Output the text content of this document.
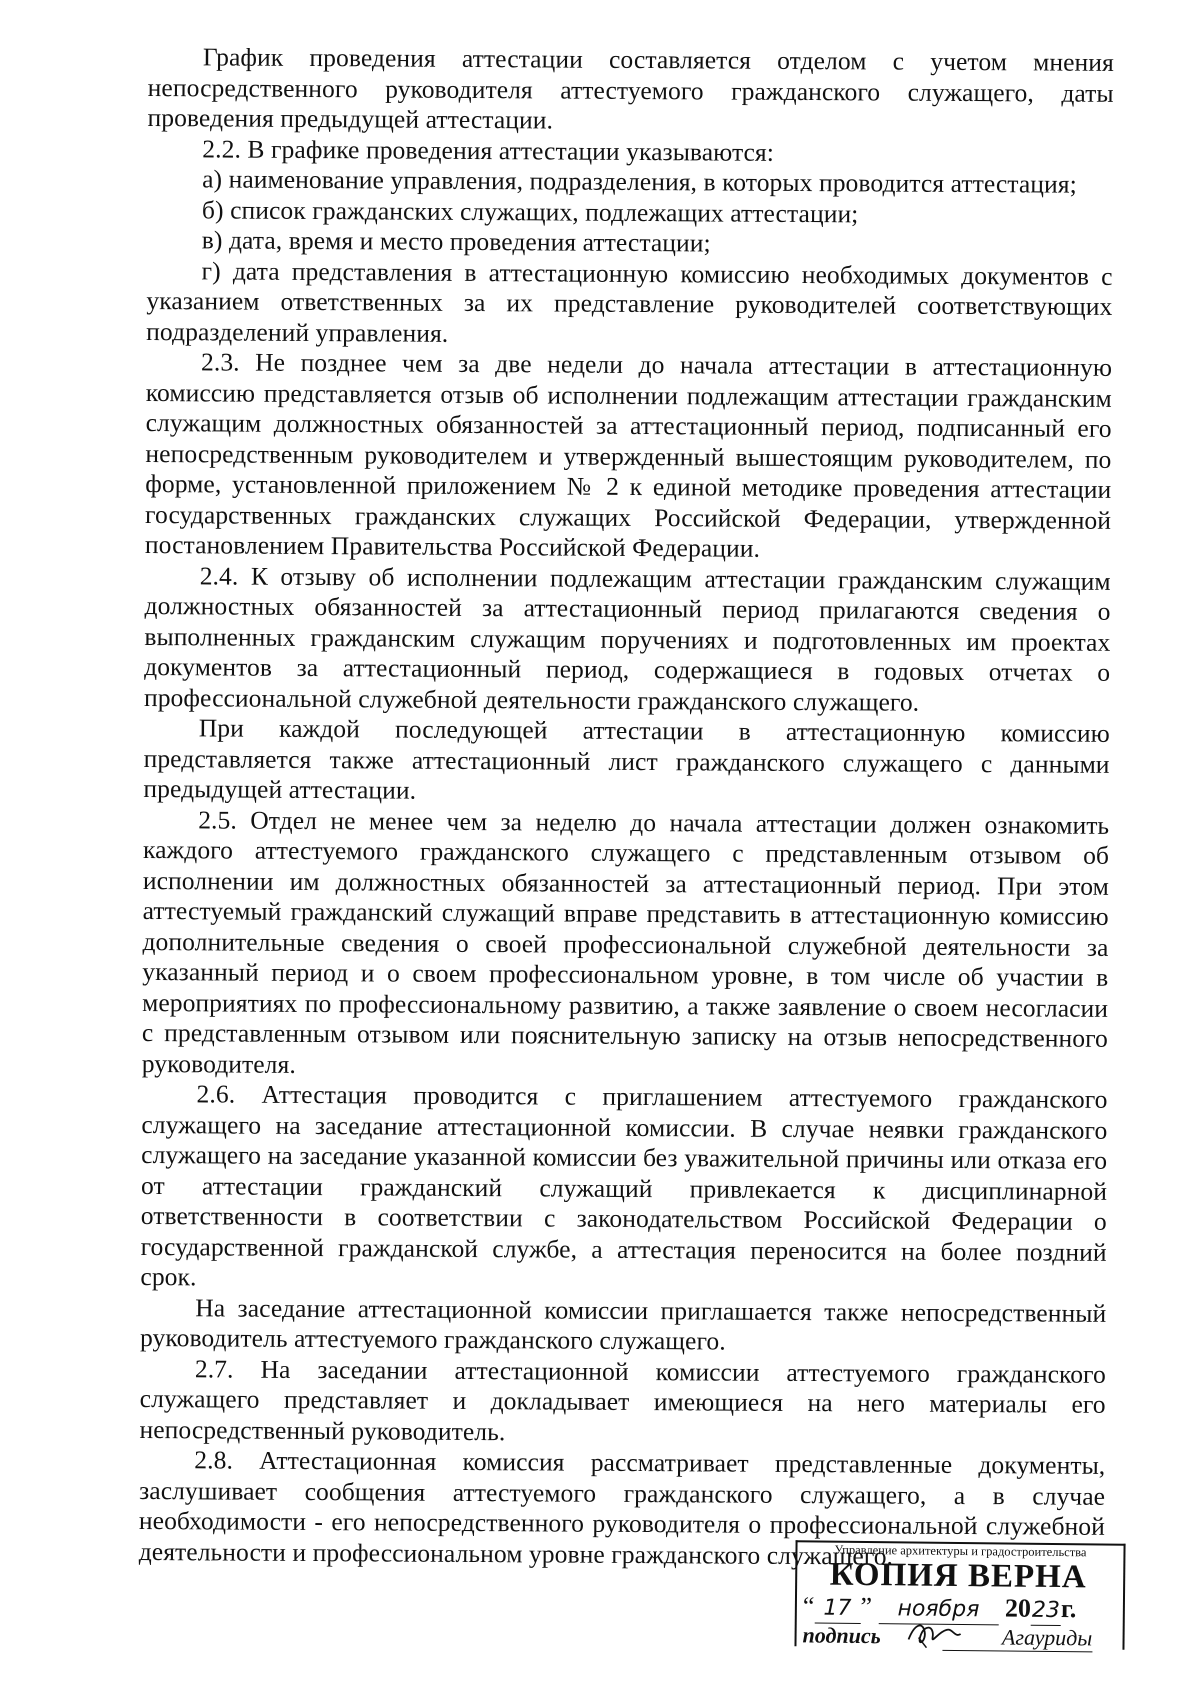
График проведения аттестации составляется отделом с учетом мнения непосредственного руководителя аттестуемого гражданского служащего, даты проведения предыдущей аттестации.

2.2. В графике проведения аттестации указываются:

а) наименование управления, подразделения, в которых проводится аттестация;

б) список гражданских служащих, подлежащих аттестации;

в) дата, время и место проведения аттестации;

г) дата представления в аттестационную комиссию необходимых документов с указанием ответственных за их представление руководителей соответствующих подразделений управления.

2.3. Не позднее чем за две недели до начала аттестации в аттестационную комиссию представляется отзыв об исполнении подлежащим аттестации гражданским служащим должностных обязанностей за аттестационный период, подписанный его непосредственным руководителем и утвержденный вышестоящим руководителем, по форме, установленной приложением № 2 к единой методике проведения аттестации государственных гражданских служащих Российской Федерации, утвержденной постановлением Правительства Российской Федерации.

2.4. К отзыву об исполнении подлежащим аттестации гражданским служащим должностных обязанностей за аттестационный период прилагаются сведения о выполненных гражданским служащим поручениях и подготовленных им проектах документов за аттестационный период, содержащиеся в годовых отчетах о профессиональной служебной деятельности гражданского служащего.

При каждой последующей аттестации в аттестационную комиссию представляется также аттестационный лист гражданского служащего с данными предыдущей аттестации.

2.5. Отдел не менее чем за неделю до начала аттестации должен ознакомить каждого аттестуемого гражданского служащего с представленным отзывом об исполнении им должностных обязанностей за аттестационный период. При этом аттестуемый гражданский служащий вправе представить в аттестационную комиссию дополнительные сведения о своей профессиональной служебной деятельности за указанный период и о своем профессиональном уровне, в том числе об участии в мероприятиях по профессиональному развитию, а также заявление о своем несогласии с представленным отзывом или пояснительную записку на отзыв непосредственного руководителя.

2.6. Аттестация проводится с приглашением аттестуемого гражданского служащего на заседание аттестационной комиссии. В случае неявки гражданского служащего на заседание указанной комиссии без уважительной причины или отказа его от аттестации гражданский служащий привлекается к дисциплинарной ответственности в соответствии с законодательством Российской Федерации о государственной гражданской службе, а аттестация переносится на более поздний срок.

На заседание аттестационной комиссии приглашается также непосредственный руководитель аттестуемого гражданского служащего.

2.7. На заседании аттестационной комиссии аттестуемого гражданского служащего представляет и докладывает имеющиеся на него материалы его непосредственный руководитель.

2.8. Аттестационная комиссия рассматривает представленные документы, заслушивает сообщения аттестуемого гражданского служащего, а в случае необходимости - его непосредственного руководителя о профессиональной служебной деятельности и профессиональном уровне гражданского служащего.

Управление архитектуры и градостроительства
КОПИЯ ВЕРНА
“ 17 ” ноября 2023г.
подпись	Агауриды
